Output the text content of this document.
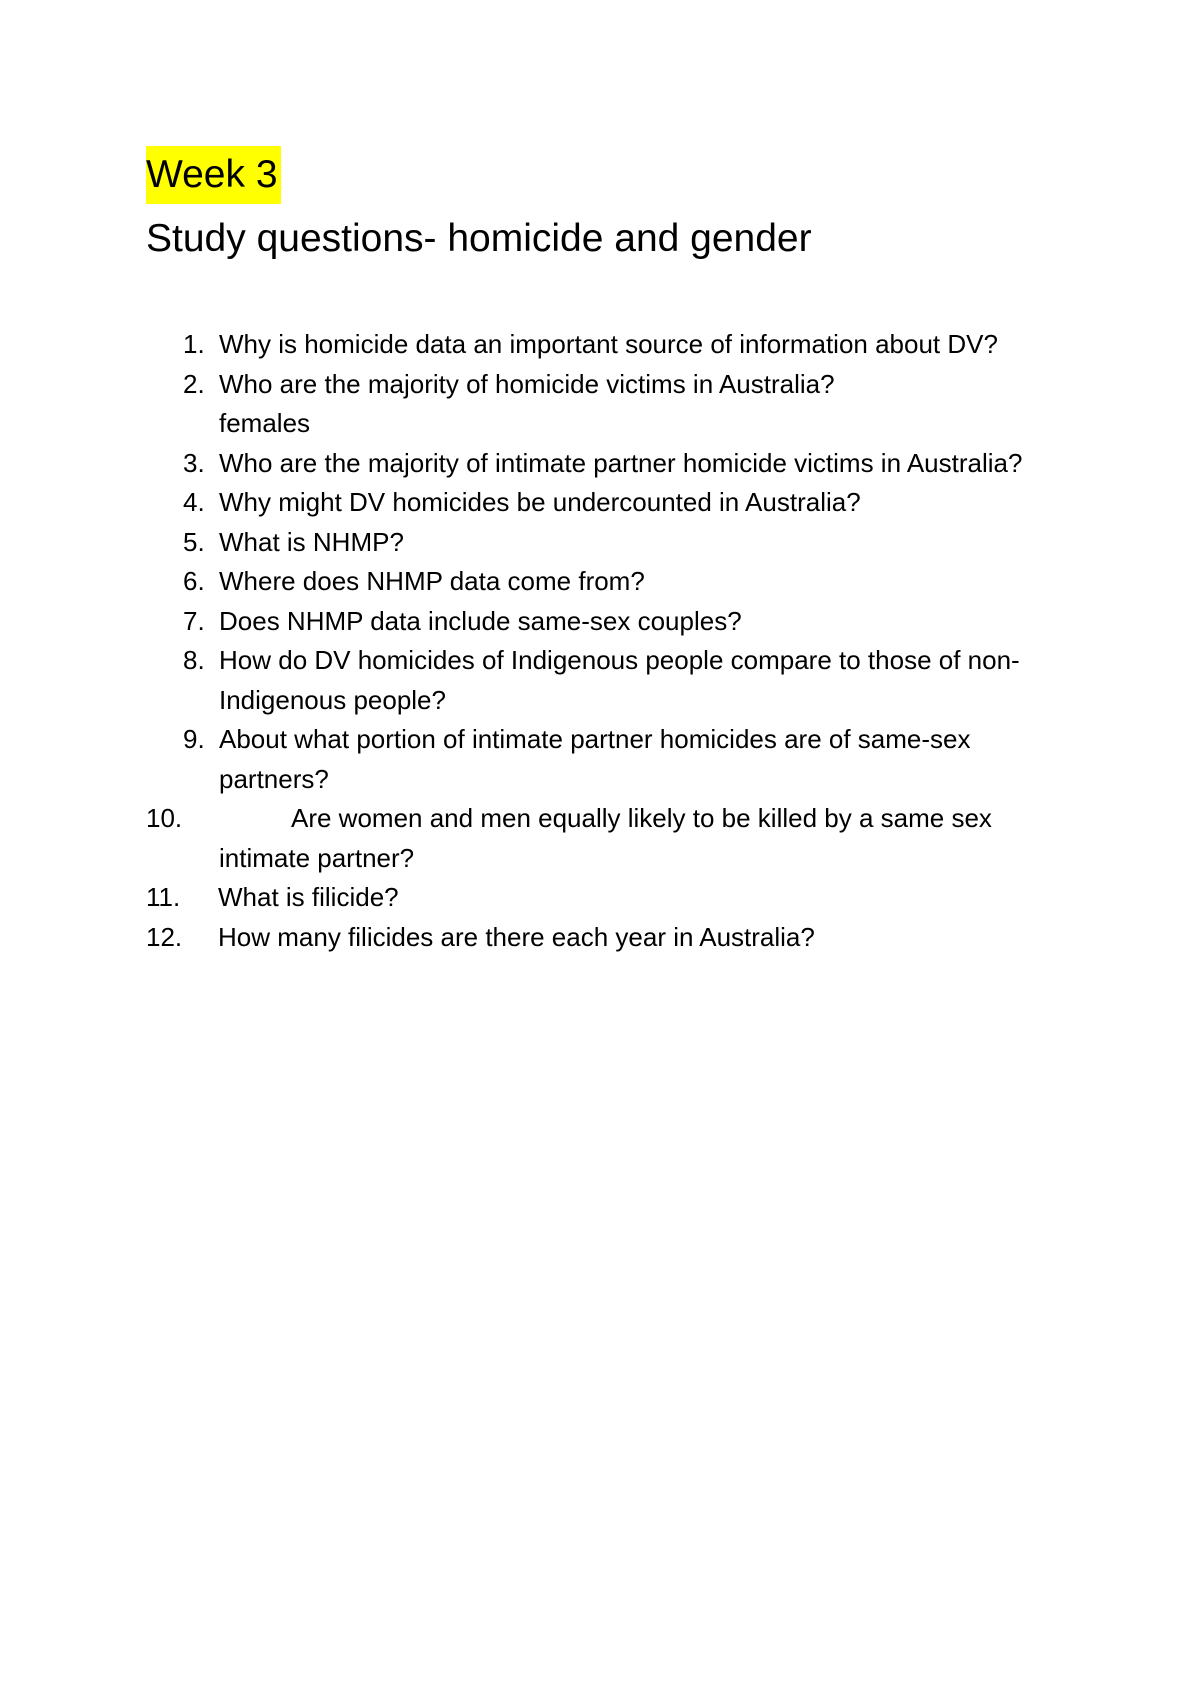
Week 3
Study questions- homicide and gender
1. Why is homicide data an important source of information about DV?
2. Who are the majority of homicide victims in Australia?
females
3. Who are the majority of intimate partner homicide victims in Australia?
4. Why might DV homicides be undercounted in Australia?
5. What is NHMP?
6. Where does NHMP data come from?
7. Does NHMP data include same-sex couples?
8. How do DV homicides of Indigenous people compare to those of non-Indigenous people?
9. About what portion of intimate partner homicides are of same-sex partners?
10.	Are women and men equally likely to be killed by a same sex intimate partner?
11.	What is filicide?
12.	How many filicides are there each year in Australia?
